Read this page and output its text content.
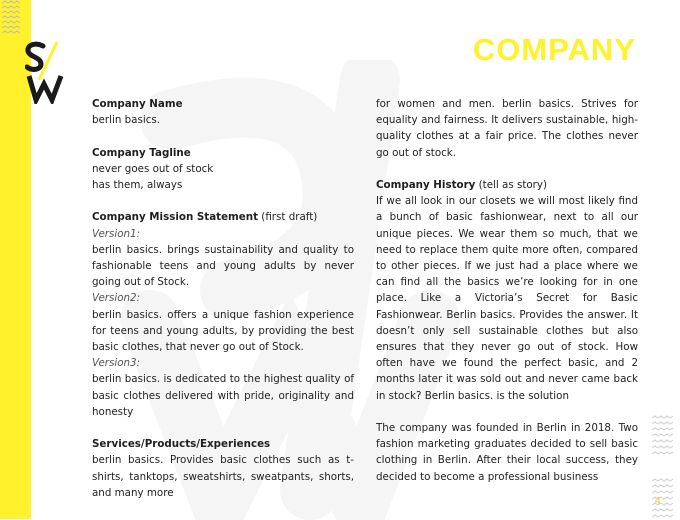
COMPANY

Company Name

berlin basics.

Company Tagline

never goes out of stock

has them, always

Company Mission Statement (first draft)

Version1:

berlin basics. brings sustainability and quality to fashionable teens and young adults by never going out of Stock.

Version2:

berlin basics. offers a unique fashion experience for teens and young adults, by providing the best basic clothes, that never go out of Stock.

Version3:

berlin basics. is dedicated to the highest quality of basic clothes delivered with pride, originality and honesty

Services/Products/Experiences

berlin basics. Provides basic clothes such as t-shirts, tanktops, sweatshirts, sweatpants, shorts, and many more

for women and men. berlin basics. Strives for equality and fairness. It delivers sustainable, high-quality clothes at a fair price. The clothes never go out of stock.

Company History (tell as story)

If we all look in our closets we will most likely find a bunch of basic fashionwear, next to all our unique pieces. We wear them so much, that we need to replace them quite more often, compared to other pieces. If we just had a place where we can find all the basics we’re looking for in one place. Like a Victoria’s Secret for Basic Fashionwear. Berlin basics. Provides the answer. It doesn’t only sell sustainable clothes but also ensures that they never go out of stock. How often have we found the perfect basic, and 2 months later it was sold out and never came back in stock? Berlin basics. is the solution

The company was founded in Berlin in 2018. Two fashion marketing graduates decided to sell basic clothing in Berlin. After their local success, they decided to become a professional business

4
